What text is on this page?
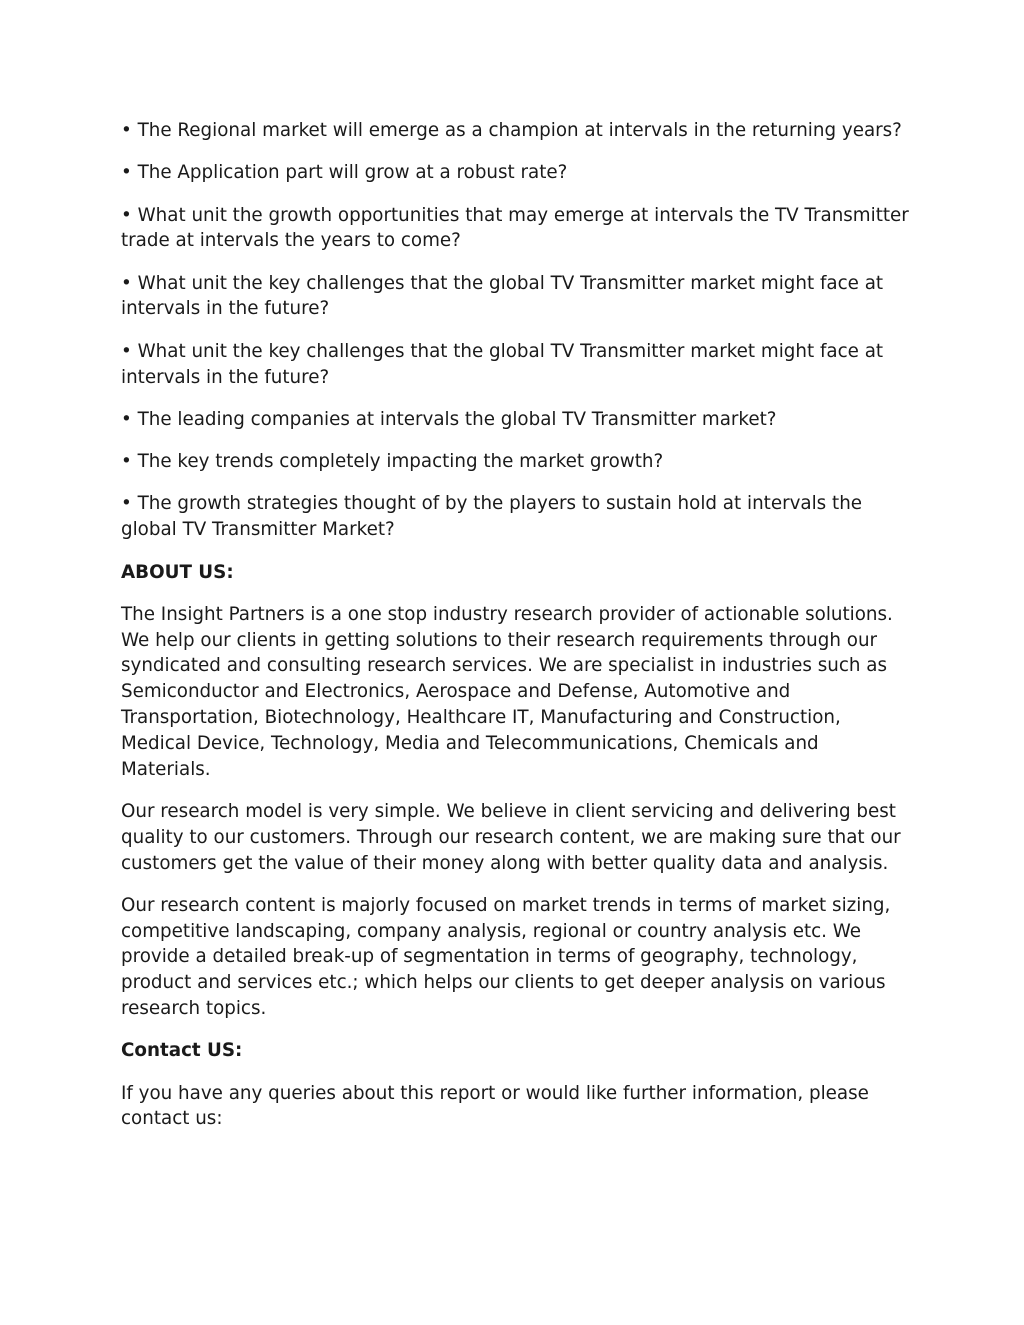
• The Regional market will emerge as a champion at intervals in the returning years?

• The Application part will grow at a robust rate?

• What unit the growth opportunities that may emerge at intervals the TV Transmitter trade at intervals the years to come?

• What unit the key challenges that the global TV Transmitter market might face at intervals in the future?

• What unit the key challenges that the global TV Transmitter market might face at intervals in the future?

• The leading companies at intervals the global TV Transmitter market?

• The key trends completely impacting the market growth?

• The growth strategies thought of by the players to sustain hold at intervals the global TV Transmitter Market?

ABOUT US:

The Insight Partners is a one stop industry research provider of actionable solutions. We help our clients in getting solutions to their research requirements through our syndicated and consulting research services. We are specialist in industries such as Semiconductor and Electronics, Aerospace and Defense, Automotive and Transportation, Biotechnology, Healthcare IT, Manufacturing and Construction, Medical Device, Technology, Media and Telecommunications, Chemicals and Materials.

Our research model is very simple. We believe in client servicing and delivering best quality to our customers. Through our research content, we are making sure that our customers get the value of their money along with better quality data and analysis.

Our research content is majorly focused on market trends in terms of market sizing, competitive landscaping, company analysis, regional or country analysis etc. We provide a detailed break-up of segmentation in terms of geography, technology, product and services etc.; which helps our clients to get deeper analysis on various research topics.

Contact US:

If you have any queries about this report or would like further information, please contact us:
